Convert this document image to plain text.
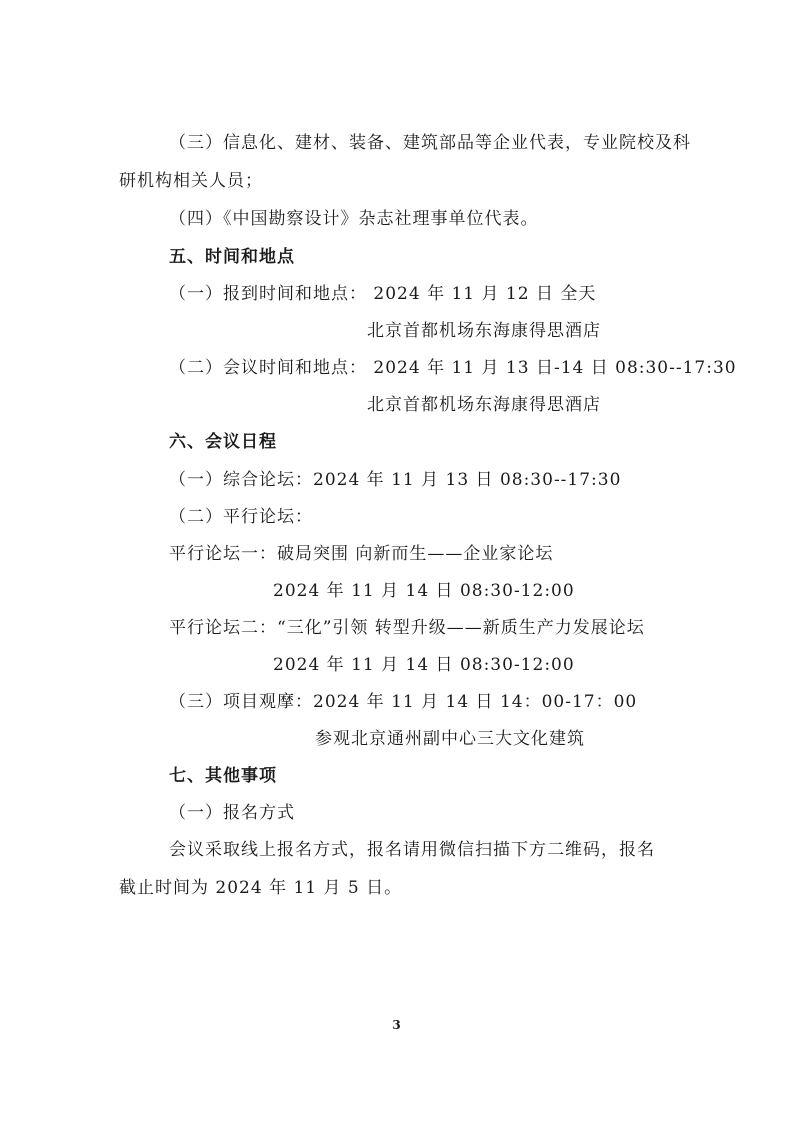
（三）信息化、建材、装备、建筑部品等企业代表，专业院校及科
研机构相关人员；
（四）《中国勘察设计》杂志社理事单位代表。
五、时间和地点
（一）报到时间和地点： 2024 年 11 月 12 日 全天
北京首都机场东海康得思酒店
（二）会议时间和地点： 2024 年 11 月 13 日-14 日 08:30--17:30
北京首都机场东海康得思酒店
六、会议日程
（一）综合论坛：2024 年 11 月 13 日 08:30--17:30
（二）平行论坛：
平行论坛一：破局突围 向新而生——企业家论坛
2024 年 11 月 14 日 08:30-12:00
平行论坛二：“三化”引领 转型升级——新质生产力发展论坛
2024 年 11 月 14 日 08:30-12:00
（三）项目观摩：2024 年 11 月 14 日 14：00-17：00
参观北京通州副中心三大文化建筑
七、其他事项
（一）报名方式
会议采取线上报名方式，报名请用微信扫描下方二维码，报名
截止时间为 2024 年 11 月 5 日。
3
